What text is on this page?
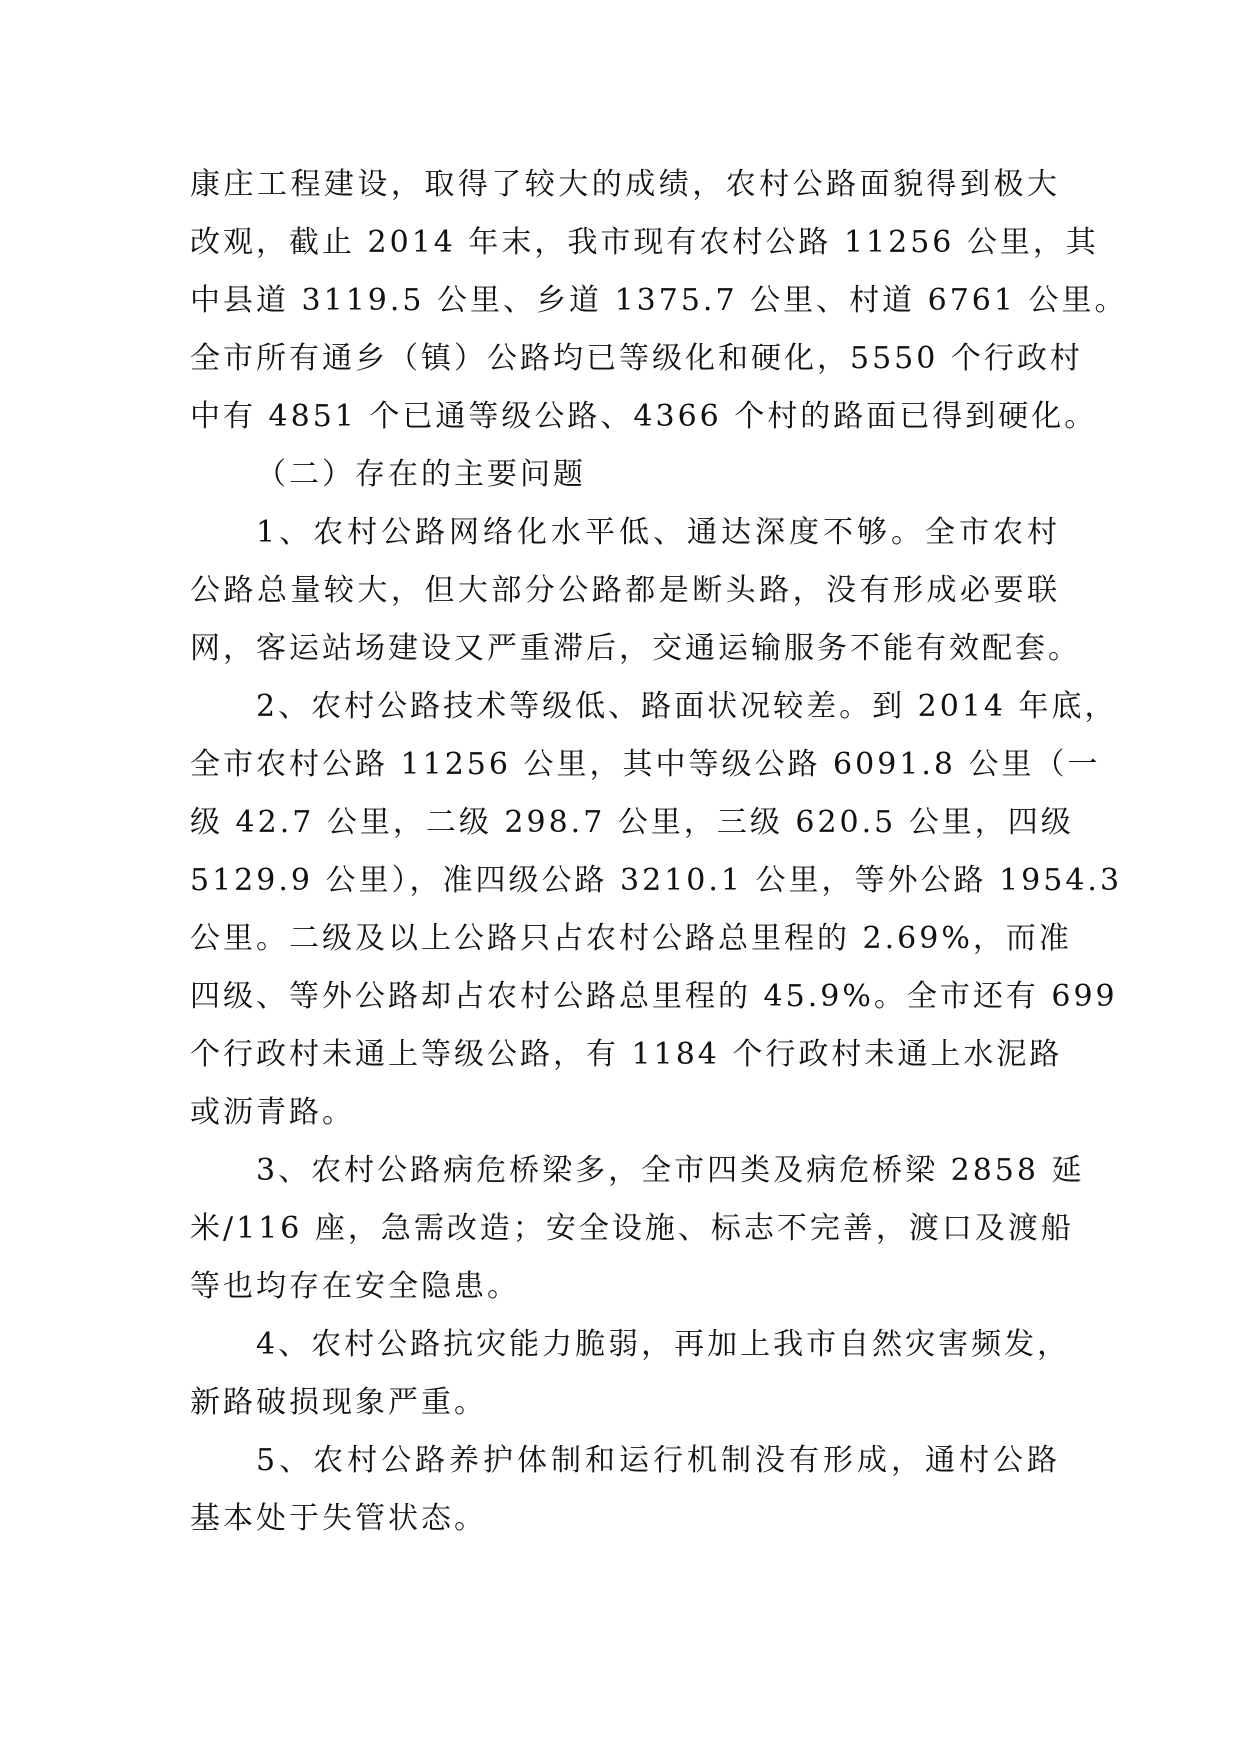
康庄工程建设，取得了较大的成绩，农村公路面貌得到极大
改观，截止 2014 年末，我市现有农村公路 11256 公里，其
中县道 3119.5 公里、乡道 1375.7 公里、村道 6761 公里。
全市所有通乡（镇）公路均已等级化和硬化，5550 个行政村
中有 4851 个已通等级公路、4366 个村的路面已得到硬化。
（二）存在的主要问题
1、农村公路网络化水平低、通达深度不够。全市农村
公路总量较大，但大部分公路都是断头路，没有形成必要联
网，客运站场建设又严重滞后，交通运输服务不能有效配套。
2、农村公路技术等级低、路面状况较差。到 2014 年底，
全市农村公路 11256 公里，其中等级公路 6091.8 公里（一
级 42.7 公里，二级 298.7 公里，三级 620.5 公里，四级
5129.9 公里），准四级公路 3210.1 公里，等外公路 1954.3
公里。二级及以上公路只占农村公路总里程的 2.69%，而准
四级、等外公路却占农村公路总里程的 45.9%。全市还有 699
个行政村未通上等级公路，有 1184 个行政村未通上水泥路
或沥青路。
3、农村公路病危桥梁多，全市四类及病危桥梁 2858 延
米/116 座，急需改造；安全设施、标志不完善，渡口及渡船
等也均存在安全隐患。
4、农村公路抗灾能力脆弱，再加上我市自然灾害频发，
新路破损现象严重。
5、农村公路养护体制和运行机制没有形成，通村公路
基本处于失管状态。
